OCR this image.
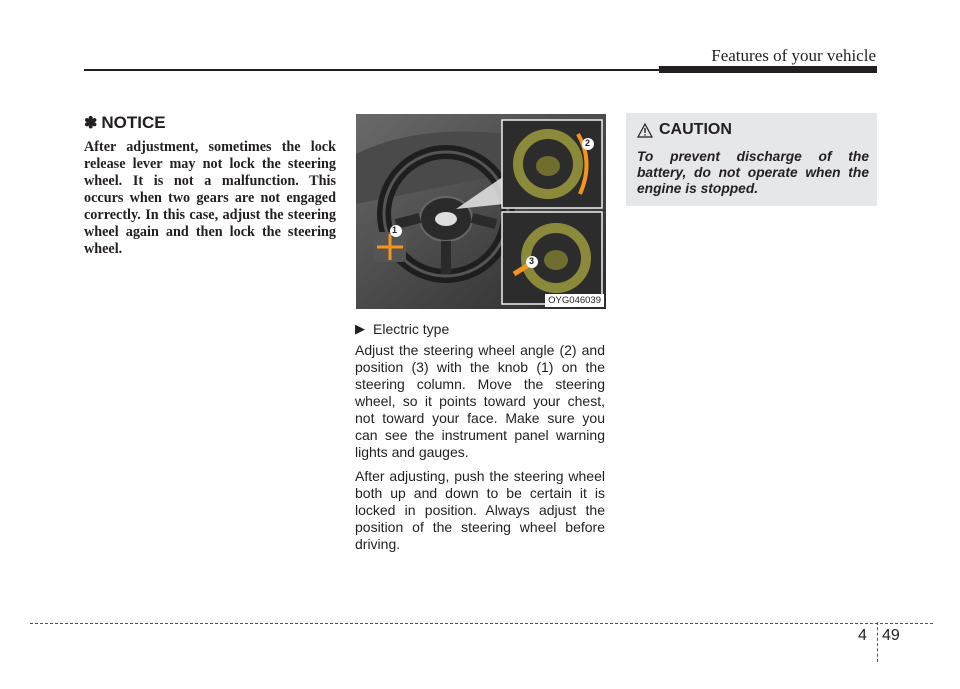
Features of your vehicle
✽ NOTICE

After adjustment, sometimes the lock release lever may not lock the steering wheel. It is not a malfunction. This occurs when two gears are not engaged correctly. In this case, adjust the steering wheel again and then lock the steering wheel.

1
2
3
OYG046039
▶ Electric type

Adjust the steering wheel angle (2) and position (3) with the knob (1) on the steering column. Move the steering wheel, so it points toward your chest, not toward your face. Make sure you can see the instrument panel warning lights and gauges.

After adjusting, push the steering wheel both up and down to be certain it is locked in position. Always adjust the position of the steering wheel before driving.

CAUTION

To prevent discharge of the battery, do not operate when the engine is stopped.

4 49
